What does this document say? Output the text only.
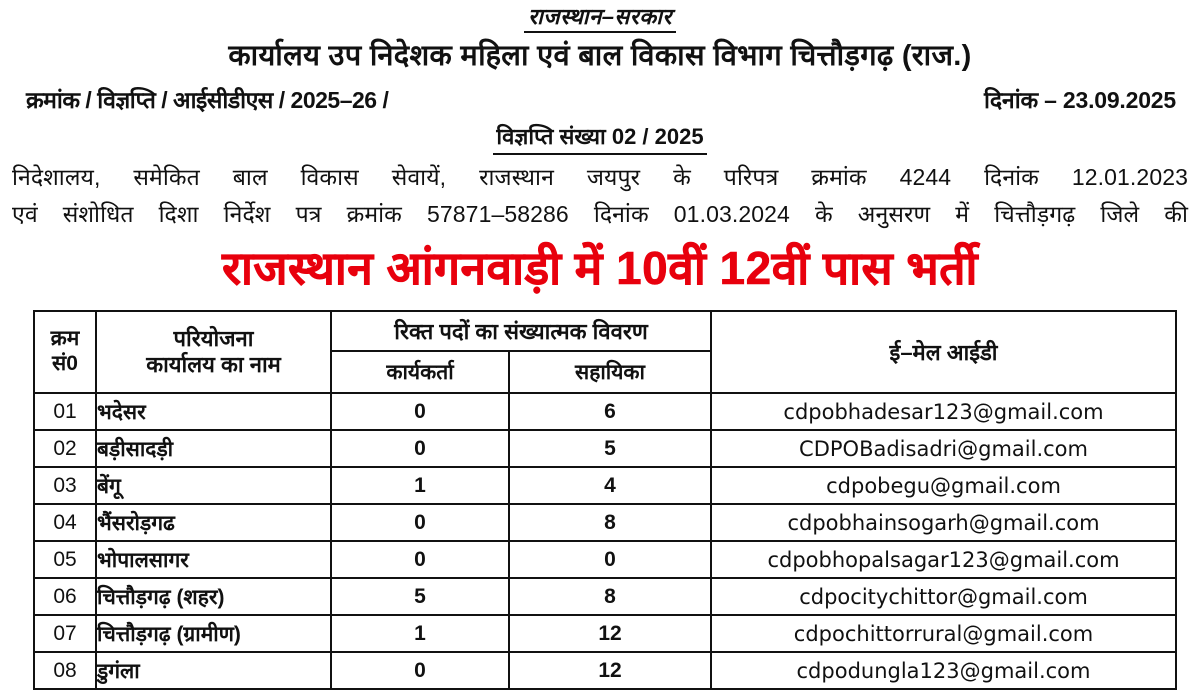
राजस्थान–सरकार
कार्यालय उप निदेशक महिला एवं बाल विकास विभाग चित्तौड़गढ़ (राज.)
क्रमांक / विज्ञप्ति / आईसीडीएस / 2025–26 /	दिनांक – 23.09.2025
विज्ञप्ति संख्या 02 / 2025
निदेशालय, समेकित बाल विकास सेवायें, राजस्थान जयपुर के परिपत्र क्रमांक 4244 दिनांक 12.01.2023
एवं संशोधित दिशा निर्देश पत्र क्रमांक 57871–58286 दिनांक 01.03.2024 के अनुसरण में चित्तौड़गढ़ जिले की
राजस्थान आंगनवाड़ी में 10वीं 12वीं पास भर्ती
क्रम
सं0

परियोजना
कार्यालय का नाम
	रिक्त पदों का संख्यात्मक विवरण	ई–मेल आईडी
		कार्यकर्ता	सहायिका	
01	भदेसर	0	6	cdpobhadesar123@gmail.com
02	बड़ीसादड़ी	0	5	CDPOBadisadri@gmail.com
03	बेंगू	1	4	cdpobegu@gmail.com
04	भैंसरोड़गढ	0	8	cdpobhainsogarh@gmail.com
05	भोपालसागर	0	0	cdpobhopalsagar123@gmail.com
06	चित्तौड़गढ़ (शहर)	5	8	cdpocitychittor@gmail.com
07	चित्तौड़गढ़ (ग्रामीण)	1	12	cdpochittorrural@gmail.com
08	डुगंला	0	12	cdpodungla123@gmail.com
